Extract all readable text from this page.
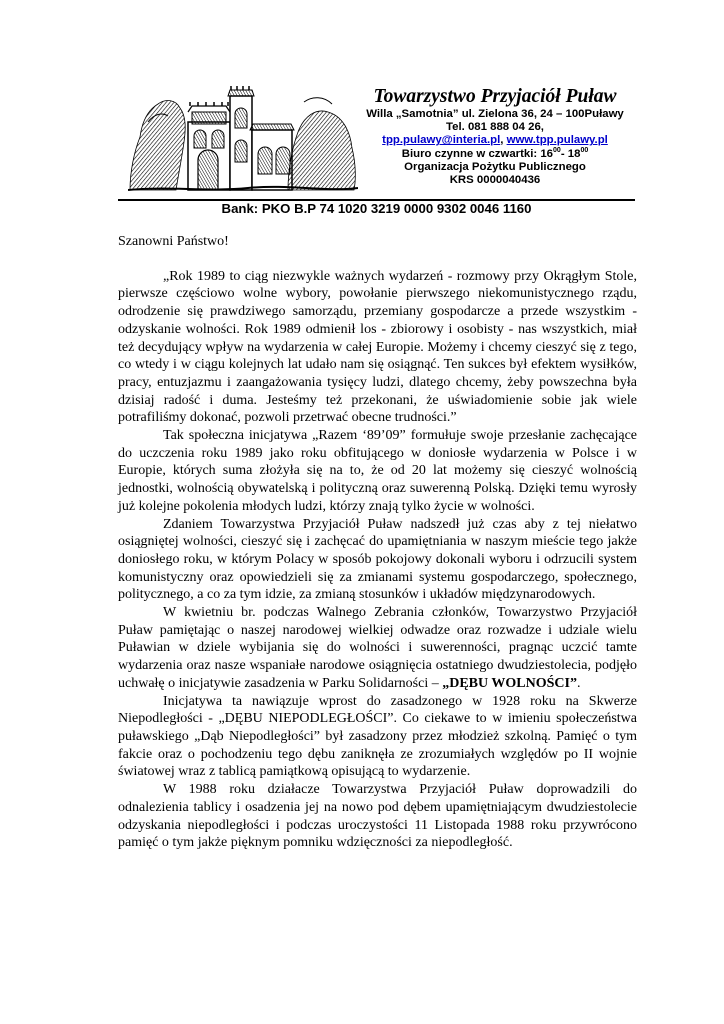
Towarzystwo Przyjaciół Puław
Willa „Samotnia” ul. Zielona 36, 24 – 100Puławy
Tel. 081 888 04 26,
tpp.pulawy@interia.pl, www.tpp.pulawy.pl
Biuro czynne w czwartki: $16^{00}-$ $18^{00}$
Organizacja Pożytku Publicznego
KRS 0000040436
Bank: PKO B.P 74 1020 3219 0000 9302 0046 1160

Szanowni Państwo!

„Rok 1989 to ciąg niezwykle ważnych wydarzeń - rozmowy przy Okrągłym Stole, pierwsze częściowo wolne wybory, powołanie pierwszego niekomunistycznego rządu, odrodzenie się prawdziwego samorządu, przemiany gospodarcze a przede wszystkim - odzyskanie wolności. Rok 1989 odmienił los - zbiorowy i osobisty - nas wszystkich, miał też decydujący wpływ na wydarzenia w całej Europie. Możemy i chcemy cieszyć się z tego, co wtedy i w ciągu kolejnych lat udało nam się osiągnąć. Ten sukces był efektem wysiłków, pracy, entuzjazmu i zaangażowania tysięcy ludzi, dlatego chcemy, żeby powszechna była dzisiaj radość i duma. Jesteśmy też przekonani, że uświadomienie sobie jak wiele potrafiliśmy dokonać, pozwoli przetrwać obecne trudności.”

Tak społeczna inicjatywa „Razem ‘89’09” formułuje swoje przesłanie zachęcające do uczczenia roku 1989 jako roku obfitującego w doniosłe wydarzenia w Polsce i w Europie, których suma złożyła się na to, że od 20 lat możemy się cieszyć wolnością jednostki, wolnością obywatelską i polityczną oraz suwerenną Polską. Dzięki temu wyrosły już kolejne pokolenia młodych ludzi, którzy znają tylko życie w wolności.

Zdaniem Towarzystwa Przyjaciół Puław nadszedł już czas aby z tej niełatwo osiągniętej wolności, cieszyć się i zachęcać do upamiętniania w naszym mieście tego jakże doniosłego roku, w którym Polacy w sposób pokojowy dokonali wyboru i odrzucili system komunistyczny oraz opowiedzieli się za zmianami systemu gospodarczego, społecznego, politycznego, a co za tym idzie, za zmianą stosunków i układów międzynarodowych.

W kwietniu br. podczas Walnego Zebrania członków, Towarzystwo Przyjaciół Puław pamiętając o naszej narodowej wielkiej odwadze oraz rozwadze i udziale wielu Puławian w dziele wybijania się do wolności i suwerenności, pragnąc uczcić tamte wydarzenia oraz nasze wspaniałe narodowe osiągnięcia ostatniego dwudziestolecia, podjęło uchwałę o inicjatywie zasadzenia w Parku Solidarności – „DĘBU WOLNOŚCI”.

Inicjatywa ta nawiązuje wprost do zasadzonego w 1928 roku na Skwerze Niepodległości - „DĘBU NIEPODLEGŁOŚCI”. Co ciekawe to w imieniu społeczeństwa puławskiego „Dąb Niepodległości” był zasadzony przez młodzież szkolną. Pamięć o tym fakcie oraz o pochodzeniu tego dębu zaniknęła ze zrozumiałych względów po II wojnie światowej wraz z tablicą pamiątkową opisującą to wydarzenie.

W 1988 roku działacze Towarzystwa Przyjaciół Puław doprowadzili do odnalezienia tablicy i osadzenia jej na nowo pod dębem upamiętniającym dwudziestolecie odzyskania niepodległości i podczas uroczystości 11 Listopada 1988 roku przywrócono pamięć o tym jakże pięknym pomniku wdzięczności za niepodległość.
